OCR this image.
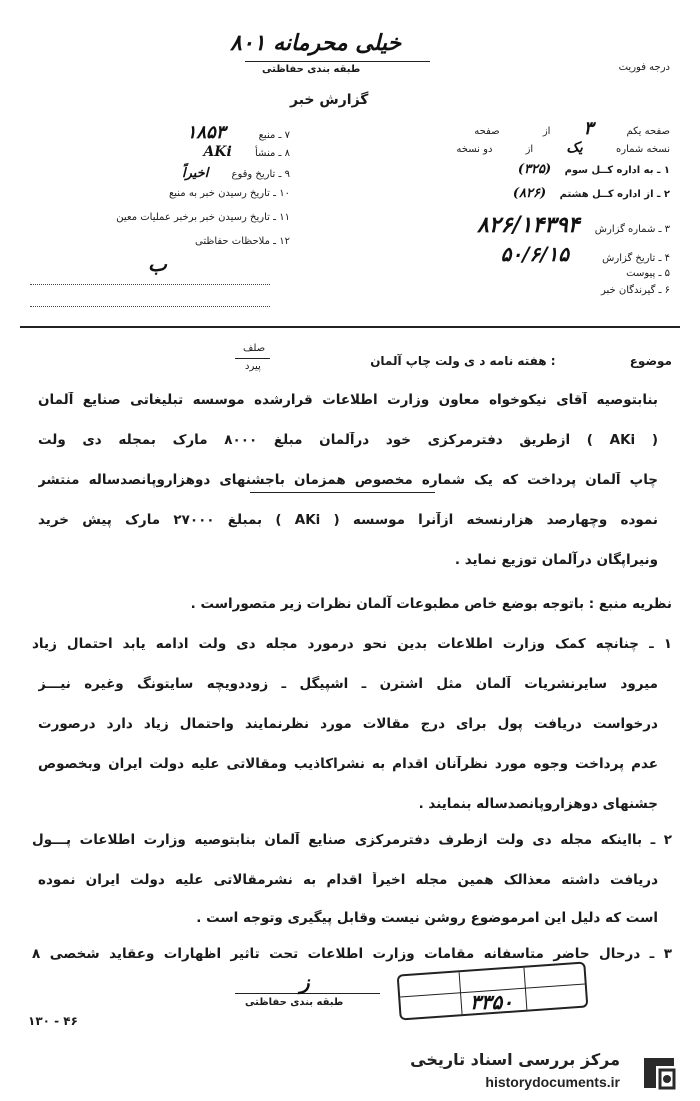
خیلی محرمانه ۸۰۱
طبقه بندی حفاظتی
گزارش خبر
درجه فوریت
صفحه یکم ۳ از صفحه
نسخه شماره یک از دو نسخه
۱ ـ به اداره کــل سوم (۳۲۵)
۲ ـ از اداره کــل هشتم (۸۲۶)
۳ ـ شماره گزارش ۸۲۶/۱۴۳۹۴
۴ ـ تاریخ گزارش ۵۰/۶/۱۵
۵ ـ پیوست
۶ ـ گیرندگان خبر
۷ ـ منبع ۱۸۵۳
۸ ـ منشأ AKi
۹ ـ تاریخ وقوع اخیراً
۱۰ ـ تاریخ رسیدن خبر به منبع
۱۱ ـ تاریخ رسیدن خبر برخبر عملیات معین
۱۲ ـ ملاحظات حفاظتی
ب
صلف
پیرد	موضوع : هفته نامه د ی ولت چاپ آلمان
بنابتوصیه آقای نیکوخواه معاون وزارت اطلاعات قرارشده موسسه تبلیغاتی صنایع آلمان
( AKi ) ازطریق دفترمرکزی خود درآلمان مبلغ ۸۰۰۰ مارک بمجله دی ولت
چاپ آلمان پرداخت که یک شماره مخصوص همزمان باجشنهای دوهزاروپانصدساله منتشر
نموده وچهارصد هزارنسخه ازآنرا موسسه ( AKi ) بمبلغ ۲۷۰۰۰ مارک پیش خرید
ونیراپگان درآلمان توزیع نماید .
نظریه منبع : باتوجه بوضع خاص مطبوعات آلمان نظرات زیر متصوراست .
۱ ـ چنانچه کمک وزارت اطلاعات بدین نحو درمورد مجله دی ولت ادامه یابد احتمال زیاد
میرود سایرنشریات آلمان مثل اشترن ـ اشپیگل ـ زوددویچه سایتونگ وغیره نیـــز
درخواست دریافت پول برای درج مقالات مورد نظرنمایند واحتمال زیاد دارد درصورت
عدم پرداخت وجوه مورد نظرآنان اقدام به نشراکاذیب ومقالاتی علیه دولت ایران وبخصوص
جشنهای دوهزاروپانصدساله بنمایند .
۲ ـ بااینکه مجله دی ولت ازطرف دفترمرکزی صنایع آلمان بنابتوصیه وزارت اطلاعات پـــول
دریافت داشته معذالک همین مجله اخیراً اقدام به نشرمقالاتی علیه دولت ایران نموده
است که دلیل این امرموضوع روشن نیست وقابل پیگیری وتوجه است .
۳ ـ درحال حاضر متاسفانه مقامات وزارت اطلاعات تحت تاثیر اظهارات وعقاید شخصی ۸
طبقه بندی حفاظتی
ز
۱۳۰ - ۴۶
۳۳۵۰
مرکز بررسی اسناد تاریخی
historydocuments.ir
